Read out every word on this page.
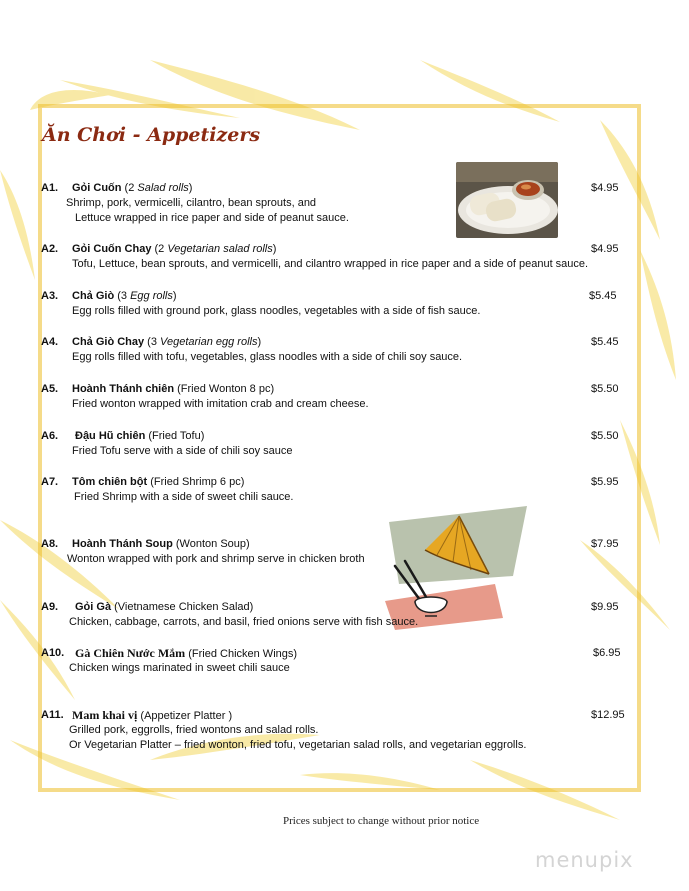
Ăn Chơi - Appetizers
A1. Gỏi Cuốn (2 Salad rolls)	$4.95
Shrimp, pork, vermicelli, cilantro, bean sprouts, and
Lettuce wrapped in rice paper and side of peanut sauce.
A2. Gỏi Cuốn Chay (2 Vegetarian salad rolls)	$4.95
Tofu, Lettuce, bean sprouts, and vermicelli, and cilantro wrapped in rice paper and a side of peanut sauce.
A3. Chả Giò (3 Egg rolls)	$5.45
Egg rolls filled with ground pork, glass noodles, vegetables with a side of fish sauce.
A4. Chả Giò Chay (3 Vegetarian egg rolls)	$5.45
Egg rolls filled with tofu, vegetables, glass noodles with a side of chili soy sauce.
A5. Hoành Thánh chiên (Fried Wonton 8 pc)	$5.50
Fried wonton wrapped with imitation crab and cream cheese.
A6. Đậu Hũ chiên (Fried Tofu)	$5.50
Fried Tofu serve with a side of chili soy sauce
A7. Tôm chiên bột (Fried Shrimp 6 pc)	$5.95
Fried Shrimp with a side of sweet chili sauce.
A8. Hoành Thánh Soup (Wonton Soup)	$7.95
Wonton wrapped with pork and shrimp serve in chicken broth
A9. Gỏi Gà (Vietnamese Chicken Salad)	$9.95
Chicken, cabbage, carrots, and basil, fried onions serve with fish sauce.
A10. Gà Chiên Nước Mắm (Fried Chicken Wings)	$6.95
Chicken wings marinated in sweet chili sauce
A11. Mam khai vị (Appetizer Platter )	$12.95
Grilled pork, eggrolls, fried wontons and salad rolls.
Or Vegetarian Platter – fried wonton, fried tofu, vegetarian salad rolls, and vegetarian eggrolls.
Prices subject to change without prior notice
menupix
